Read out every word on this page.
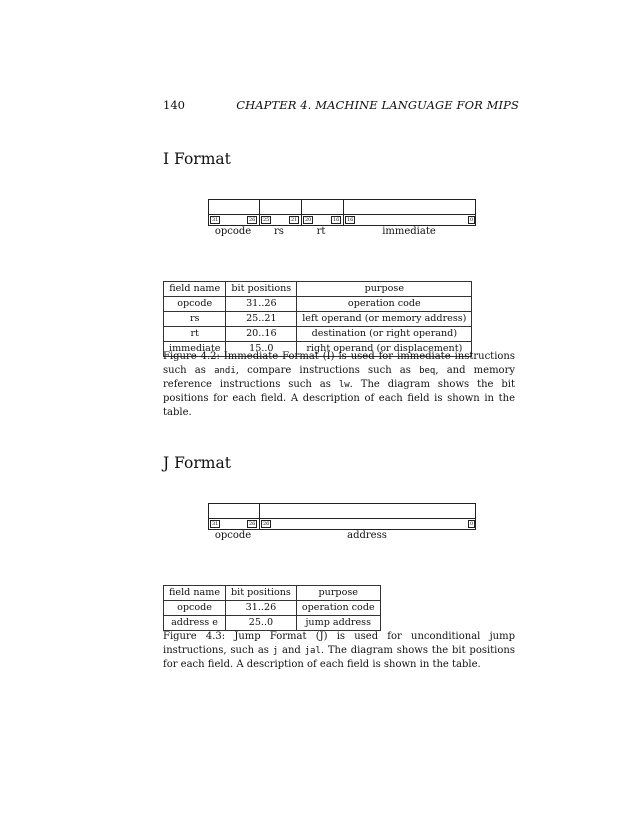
140	CHAPTER 4. MACHINE LANGUAGE FOR MIPS
I Format
31	26	25	21	20	16	16	0
opcode	rs	rt	immediate
field name	bit positions	purpose
opcode	31..26	operation code
rs	25..21	left operand (or memory address)
rt	20..16	destination (or right operand)
immediate	15..0	right operand (or displacement)
Figure 4.2: Immediate Format (I) is used for immediate instructions such as andi, compare instructions such as beq, and memory reference instructions such as lw. The diagram shows the bit positions for each field. A description of each field is shown in the table.
J Format
31	26	26	0
opcode	address
field name	bit positions	purpose
opcode	31..26	operation code
address e	25..0	jump address
Figure 4.3: Jump Format (J) is used for unconditional jump instructions, such as j and jal. The diagram shows the bit positions for each field. A description of each field is shown in the table.
